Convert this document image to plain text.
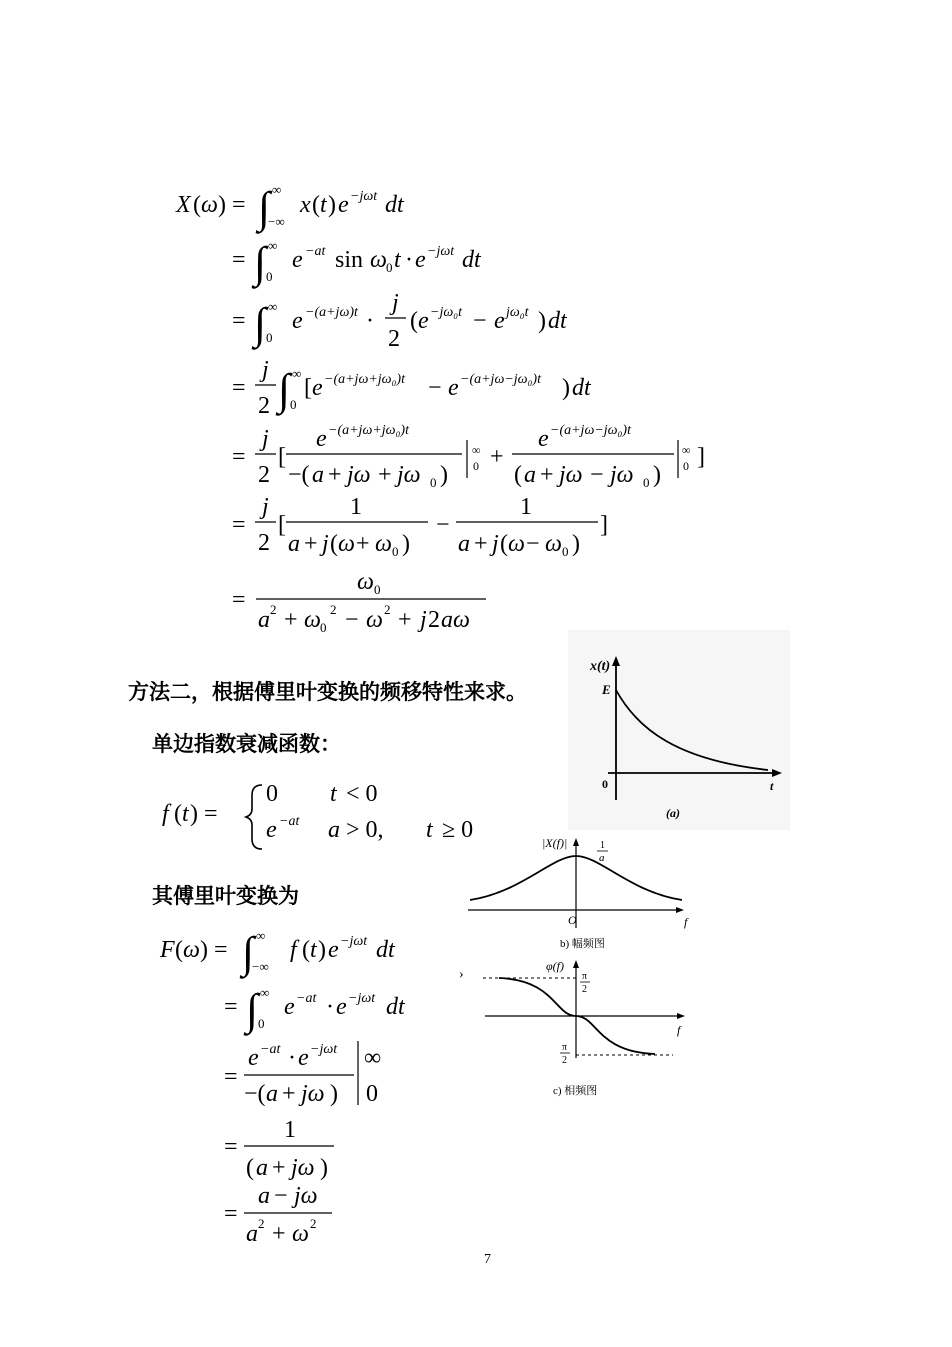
X ( ω ) = ∫ ∞
−∞
x ( t ) e −jωt dt
= ∫ ∞
0
e −at sin ω 0 t · e −jωt dt
= ∫ ∞
0
e −(a+jω)t ·
j
2
( e −jω₀t − e jω₀t ) dt
=
j
2 ∫ ∞
0
[ e −(a+jω+jω₀)t − e −(a+jω−jω₀)t ) dt
=
j
2
[
e −(a+jω+jω₀)t
−( a + jω + jω 0 )
∞
0 +
e −(a+jω−jω₀)t
( a + jω − jω 0 )
∞
0 ]
=
j
2
[
1
a + j ( ω + ω 0 )
−
1
a + j ( ω − ω 0 )
]
=
ω 0
a 2 + ω 0
2 − ω 2 + j 2 aω
方法二，根据傅里叶变换的频移特性来求。
单边指数衰减函数：
其傅里叶变换为
f ( t ) =
0 t < 0
e −at a > 0, t ≥ 0
F ( ω ) = ∫ ∞
−∞
f ( t ) e −jωt dt
= ∫ ∞
0
e −at · e −jωt dt
=
e −at · e −jωt
−( a + jω )
∞
0
=
1
( a + jω )
=
a − jω
a 2 + ω 2
x(t)
E
0	t
(a)
|X(f)|	1
a
O	f
b) 幅频图
›
φ(f)
π
2
f
π
2
c) 相频图
7
